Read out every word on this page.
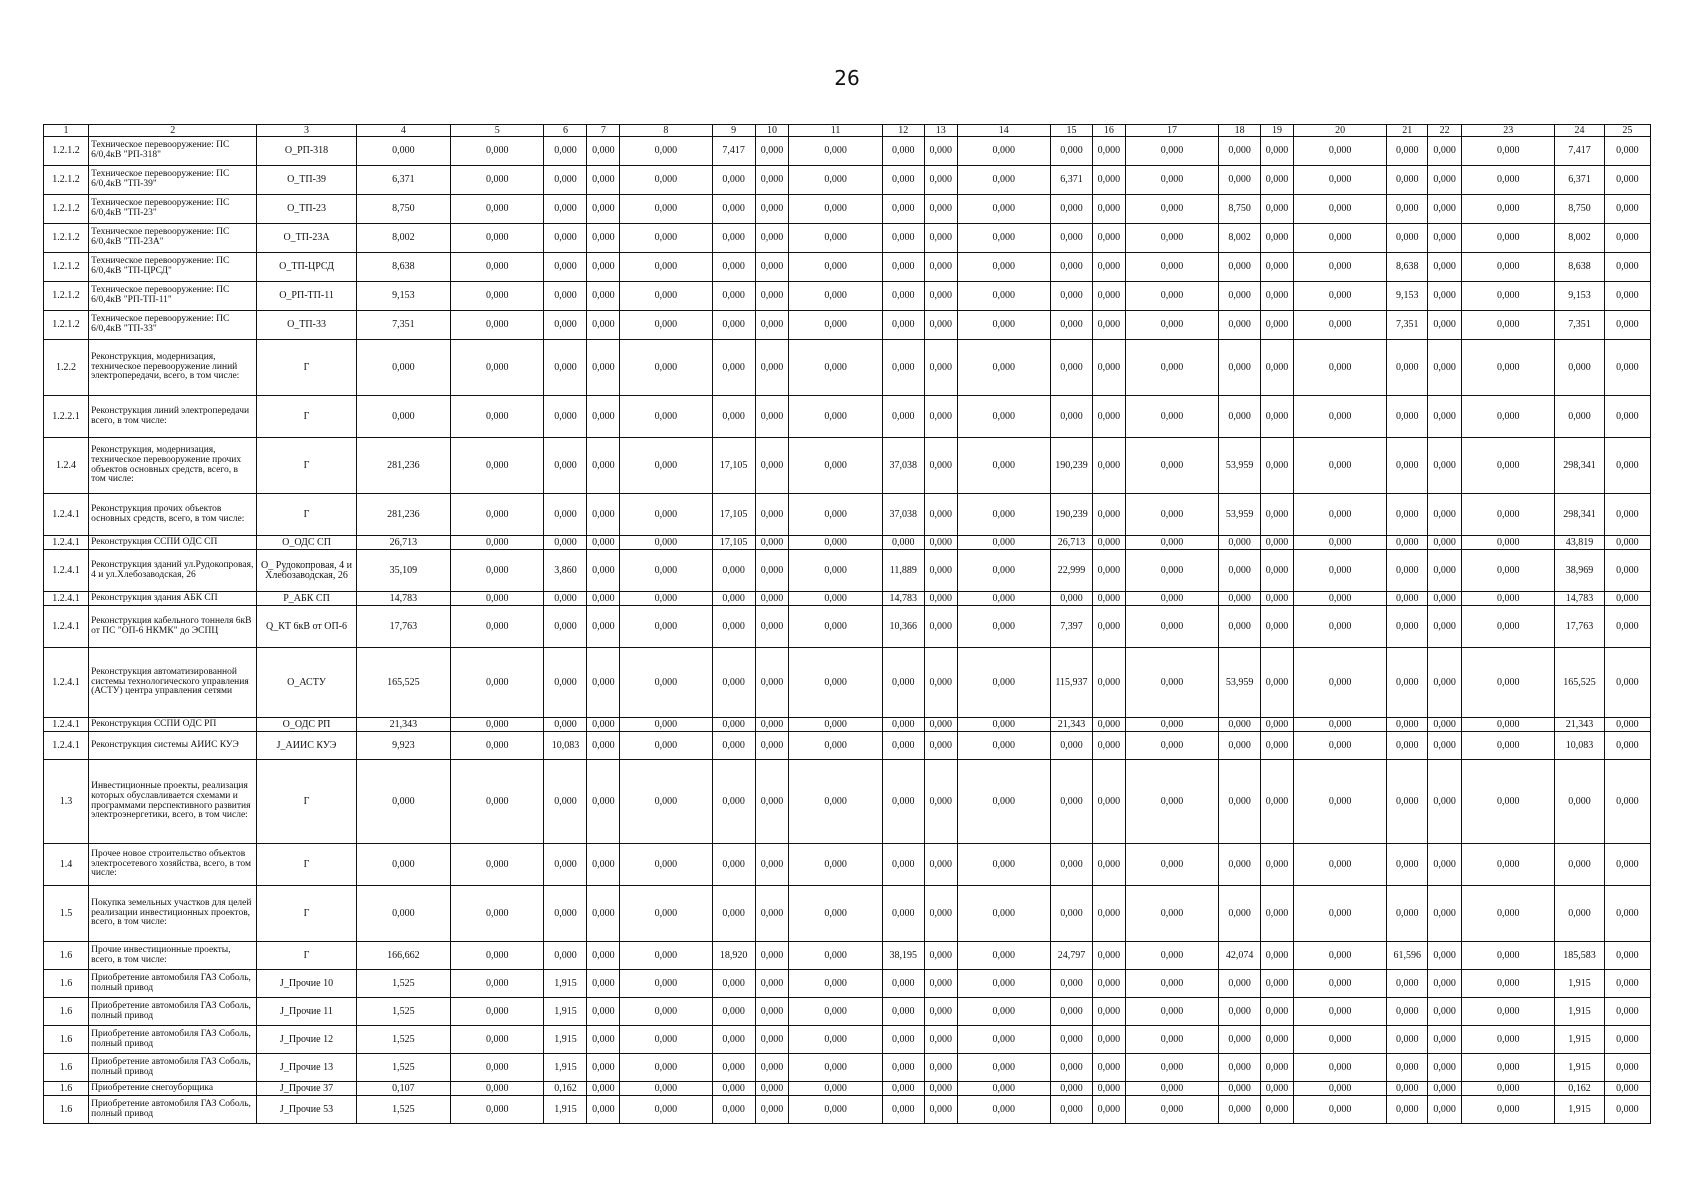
26
1	2	3	4	5	6	7	8	9	10	11	12	13	14	15	16	17	18	19	20	21	22	23	24	25
1.2.1.2	Техническое перевооружение: ПС 6/0,4кВ "РП-318"	О_РП-318	0,000	0,000	0,000	0,000	0,000	7,417	0,000	0,000	0,000	0,000	0,000	0,000	0,000	0,000	0,000	0,000	0,000	0,000	0,000	0,000	7,417	0,000
1.2.1.2	Техническое перевооружение: ПС 6/0,4кВ "ТП-39"	О_ТП-39	6,371	0,000	0,000	0,000	0,000	0,000	0,000	0,000	0,000	0,000	0,000	6,371	0,000	0,000	0,000	0,000	0,000	0,000	0,000	0,000	6,371	0,000
1.2.1.2	Техническое перевооружение: ПС 6/0,4кВ "ТП-23"	О_ТП-23	8,750	0,000	0,000	0,000	0,000	0,000	0,000	0,000	0,000	0,000	0,000	0,000	0,000	0,000	8,750	0,000	0,000	0,000	0,000	0,000	8,750	0,000
1.2.1.2	Техническое перевооружение: ПС 6/0,4кВ "ТП-23А"	О_ТП-23А	8,002	0,000	0,000	0,000	0,000	0,000	0,000	0,000	0,000	0,000	0,000	0,000	0,000	0,000	8,002	0,000	0,000	0,000	0,000	0,000	8,002	0,000
1.2.1.2	Техническое перевооружение: ПС 6/0,4кВ "ТП-ЦРСД"	О_ТП-ЦРСД	8,638	0,000	0,000	0,000	0,000	0,000	0,000	0,000	0,000	0,000	0,000	0,000	0,000	0,000	0,000	0,000	0,000	8,638	0,000	0,000	8,638	0,000
1.2.1.2	Техническое перевооружение: ПС 6/0,4кВ "РП-ТП-11"	О_РП-ТП-11	9,153	0,000	0,000	0,000	0,000	0,000	0,000	0,000	0,000	0,000	0,000	0,000	0,000	0,000	0,000	0,000	0,000	9,153	0,000	0,000	9,153	0,000
1.2.1.2	Техническое перевооружение: ПС 6/0,4кВ "ТП-33"	О_ТП-33	7,351	0,000	0,000	0,000	0,000	0,000	0,000	0,000	0,000	0,000	0,000	0,000	0,000	0,000	0,000	0,000	0,000	7,351	0,000	0,000	7,351	0,000
1.2.2	Реконструкция, модернизация, техническое перевооружение линий электропередачи, всего, в том числе:	Г	0,000	0,000	0,000	0,000	0,000	0,000	0,000	0,000	0,000	0,000	0,000	0,000	0,000	0,000	0,000	0,000	0,000	0,000	0,000	0,000	0,000	0,000
1.2.2.1	Реконструкция линий электропередачи всего, в том числе:	Г	0,000	0,000	0,000	0,000	0,000	0,000	0,000	0,000	0,000	0,000	0,000	0,000	0,000	0,000	0,000	0,000	0,000	0,000	0,000	0,000	0,000	0,000
1.2.4	Реконструкция, модернизация, техническое перевооружение прочих объектов основных средств, всего, в том числе:	Г	281,236	0,000	0,000	0,000	0,000	17,105	0,000	0,000	37,038	0,000	0,000	190,239	0,000	0,000	53,959	0,000	0,000	0,000	0,000	0,000	298,341	0,000
1.2.4.1	Реконструкция прочих объектов основных средств, всего, в том числе:	Г	281,236	0,000	0,000	0,000	0,000	17,105	0,000	0,000	37,038	0,000	0,000	190,239	0,000	0,000	53,959	0,000	0,000	0,000	0,000	0,000	298,341	0,000
1.2.4.1	Реконструкция ССПИ ОДС СП	О_ОДС СП	26,713	0,000	0,000	0,000	0,000	17,105	0,000	0,000	0,000	0,000	0,000	26,713	0,000	0,000	0,000	0,000	0,000	0,000	0,000	0,000	43,819	0,000
1.2.4.1	Реконструкция зданий ул.Рудокопровая, 4 и ул.Хлебозаводская, 26	О_ Рудокопровая, 4 и Хлебозаводская, 26	35,109	0,000	3,860	0,000	0,000	0,000	0,000	0,000	11,889	0,000	0,000	22,999	0,000	0,000	0,000	0,000	0,000	0,000	0,000	0,000	38,969	0,000
1.2.4.1	Реконструкция здания АБК СП	Р_АБК СП	14,783	0,000	0,000	0,000	0,000	0,000	0,000	0,000	14,783	0,000	0,000	0,000	0,000	0,000	0,000	0,000	0,000	0,000	0,000	0,000	14,783	0,000
1.2.4.1	Реконструкция кабельного тоннеля 6кВ от ПС "ОП-6 НКМК" до ЭСПЦ	Q_КТ 6кВ от ОП-6	17,763	0,000	0,000	0,000	0,000	0,000	0,000	0,000	10,366	0,000	0,000	7,397	0,000	0,000	0,000	0,000	0,000	0,000	0,000	0,000	17,763	0,000
1.2.4.1	Реконструкция автоматизированной системы технологического управления (АСТУ) центра управления сетями	О_АСТУ	165,525	0,000	0,000	0,000	0,000	0,000	0,000	0,000	0,000	0,000	0,000	115,937	0,000	0,000	53,959	0,000	0,000	0,000	0,000	0,000	165,525	0,000
1.2.4.1	Реконструкция ССПИ ОДС РП	О_ОДС РП	21,343	0,000	0,000	0,000	0,000	0,000	0,000	0,000	0,000	0,000	0,000	21,343	0,000	0,000	0,000	0,000	0,000	0,000	0,000	0,000	21,343	0,000
1.2.4.1	Реконструкция системы АИИС КУЭ	J_АИИС КУЭ	9,923	0,000	10,083	0,000	0,000	0,000	0,000	0,000	0,000	0,000	0,000	0,000	0,000	0,000	0,000	0,000	0,000	0,000	0,000	0,000	10,083	0,000
1.3	Инвестиционные проекты, реализация которых обуславливается схемами и программами перспективного развития электроэнергетики, всего, в том числе:	Г	0,000	0,000	0,000	0,000	0,000	0,000	0,000	0,000	0,000	0,000	0,000	0,000	0,000	0,000	0,000	0,000	0,000	0,000	0,000	0,000	0,000	0,000
1.4	Прочее новое строительство объектов электросетевого хозяйства, всего, в том числе:	Г	0,000	0,000	0,000	0,000	0,000	0,000	0,000	0,000	0,000	0,000	0,000	0,000	0,000	0,000	0,000	0,000	0,000	0,000	0,000	0,000	0,000	0,000
1.5	Покупка земельных участков для целей реализации инвестиционных проектов, всего, в том числе:	Г	0,000	0,000	0,000	0,000	0,000	0,000	0,000	0,000	0,000	0,000	0,000	0,000	0,000	0,000	0,000	0,000	0,000	0,000	0,000	0,000	0,000	0,000
1.6	Прочие инвестиционные проекты, всего, в том числе:	Г	166,662	0,000	0,000	0,000	0,000	18,920	0,000	0,000	38,195	0,000	0,000	24,797	0,000	0,000	42,074	0,000	0,000	61,596	0,000	0,000	185,583	0,000
1.6	Приобретение автомобиля ГАЗ Соболь, полный привод	J_Прочие 10	1,525	0,000	1,915	0,000	0,000	0,000	0,000	0,000	0,000	0,000	0,000	0,000	0,000	0,000	0,000	0,000	0,000	0,000	0,000	0,000	1,915	0,000
1.6	Приобретение автомобиля ГАЗ Соболь, полный привод	J_Прочие 11	1,525	0,000	1,915	0,000	0,000	0,000	0,000	0,000	0,000	0,000	0,000	0,000	0,000	0,000	0,000	0,000	0,000	0,000	0,000	0,000	1,915	0,000
1.6	Приобретение автомобиля ГАЗ Соболь, полный привод	J_Прочие 12	1,525	0,000	1,915	0,000	0,000	0,000	0,000	0,000	0,000	0,000	0,000	0,000	0,000	0,000	0,000	0,000	0,000	0,000	0,000	0,000	1,915	0,000
1.6	Приобретение автомобиля ГАЗ Соболь, полный привод	J_Прочие 13	1,525	0,000	1,915	0,000	0,000	0,000	0,000	0,000	0,000	0,000	0,000	0,000	0,000	0,000	0,000	0,000	0,000	0,000	0,000	0,000	1,915	0,000
1.6	Приобретение снегоуборщика	J_Прочие 37	0,107	0,000	0,162	0,000	0,000	0,000	0,000	0,000	0,000	0,000	0,000	0,000	0,000	0,000	0,000	0,000	0,000	0,000	0,000	0,000	0,162	0,000
1.6	Приобретение автомобиля ГАЗ Соболь, полный привод	J_Прочие 53	1,525	0,000	1,915	0,000	0,000	0,000	0,000	0,000	0,000	0,000	0,000	0,000	0,000	0,000	0,000	0,000	0,000	0,000	0,000	0,000	1,915	0,000
